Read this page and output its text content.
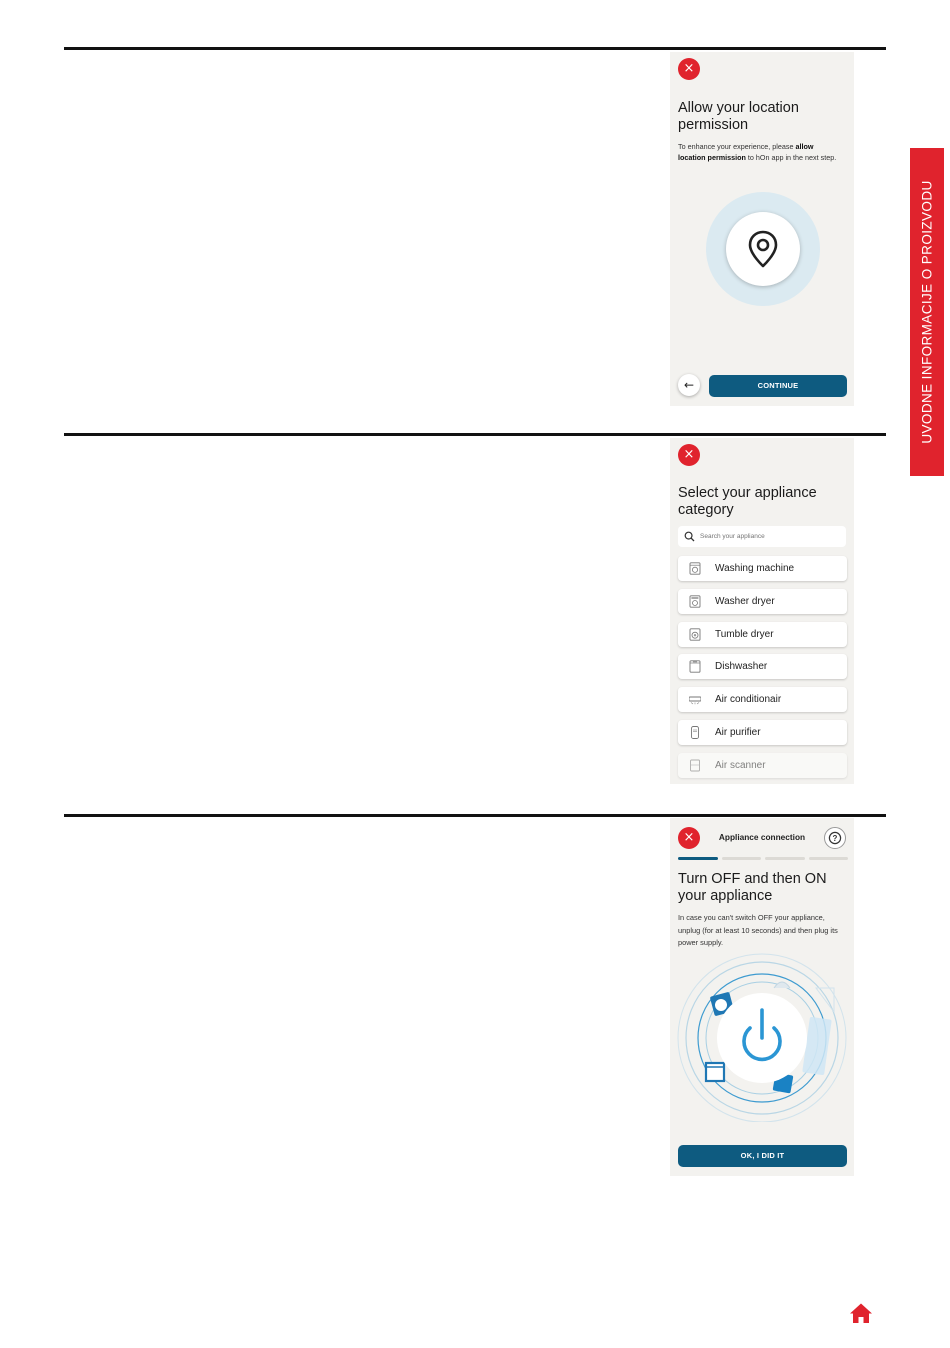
×
Allow your location permission

To enhance your experience, please allow location permission to hOn app in the next step.

←	CONTINUE
×
Select your appliance category
Search your appliance
Washing machine
Washer dryer
Tumble dryer
Dishwasher
Air conditionair
Air purifier
Air scanner
×	Appliance connection	?
Turn OFF and then ON your appliance

In case you can't switch OFF your appliance, unplug (for at least 10 seconds) and then plug its power supply.

OK, I DID IT
UVODNE INFORMACIJE O PROIZVODU
